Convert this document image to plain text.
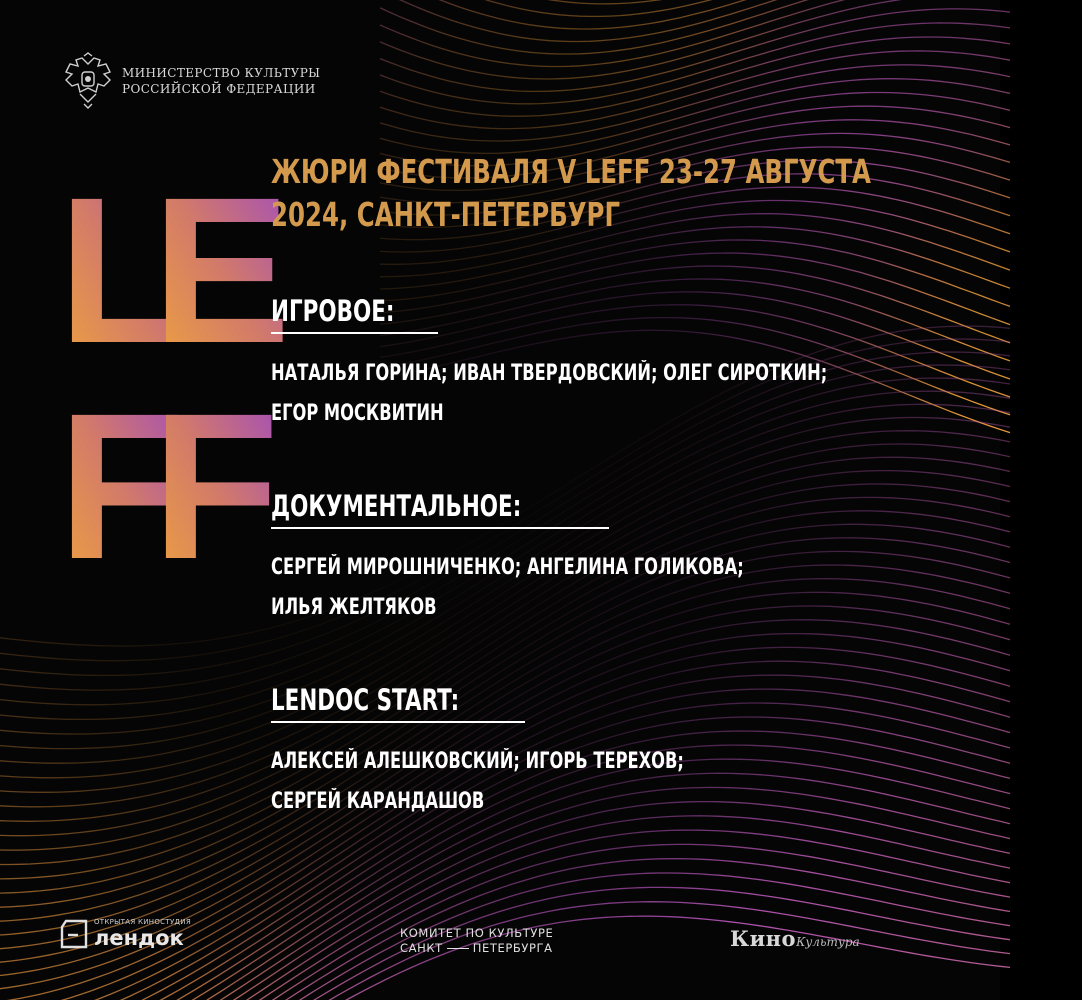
МИНИСТЕРСТВО КУЛЬТУРЫ
РОССИЙСКОЙ ФЕДЕРАЦИИ
L
E
F
F
ЖЮРИ ФЕСТИВАЛЯ V LEFF 23-27 АВГУСТА
2024, САНКТ-ПЕТЕРБУРГ
ИГРОВОЕ:
НАТАЛЬЯ ГОРИНА; ИВАН ТВЕРДОВСКИЙ; ОЛЕГ СИРОТКИН;
ЕГОР МОСКВИТИН
ДОКУМЕНТАЛЬНОЕ:
СЕРГЕЙ МИРОШНИЧЕНКО; АНГЕЛИНА ГОЛИКОВА;
ИЛЬЯ ЖЕЛТЯКОВ
LENDOC START:
АЛЕКСЕЙ АЛЕШКОВСКИЙ; ИГОРЬ ТЕРЕХОВ;
СЕРГЕЙ КАРАНДАШОВ
ОТКРЫТАЯ КИНОСТУДИЯ
лендок	КОМИТЕТ ПО КУЛЬТУРЕ
САНКТ	ПЕТЕРБУРГА	КиноКультура
